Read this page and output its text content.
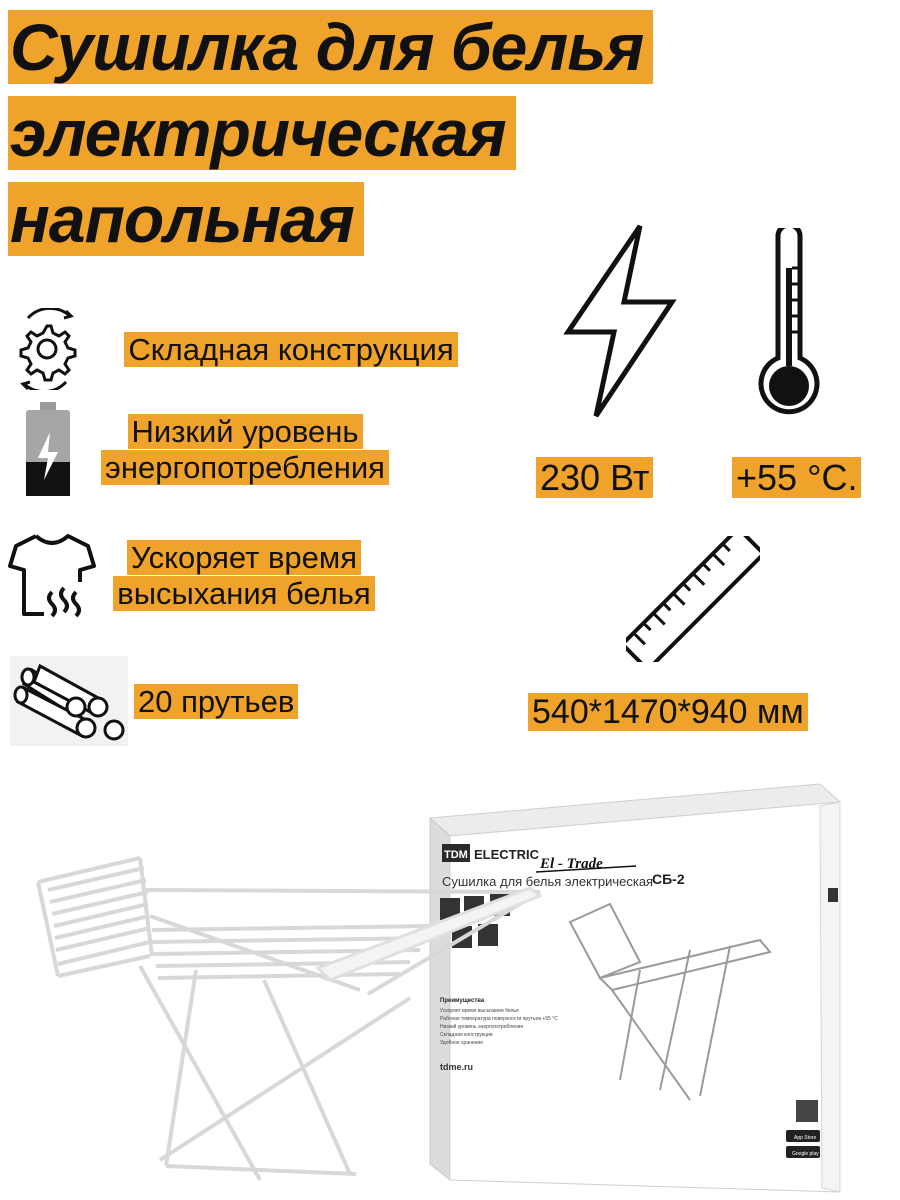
Сушилка для белья
электрическая
напольная
Складная конструкция
Низкий уровень
энергопотребления
Ускоряет время
высыхания белья
20 прутьев
230 Вт +55 °С.
540*1470*940 мм
TDM ELECTRIC
El - Trade
Сушилка для белья электрическая
СБ-2
Преимущества
Ускоряет время высыхания белья
Рабочая температура поверхности прутьев +55 °С
Низкий уровень энергопотребления
Складная конструкция
Удобное хранение
tdme.ru
App Store
Google play
